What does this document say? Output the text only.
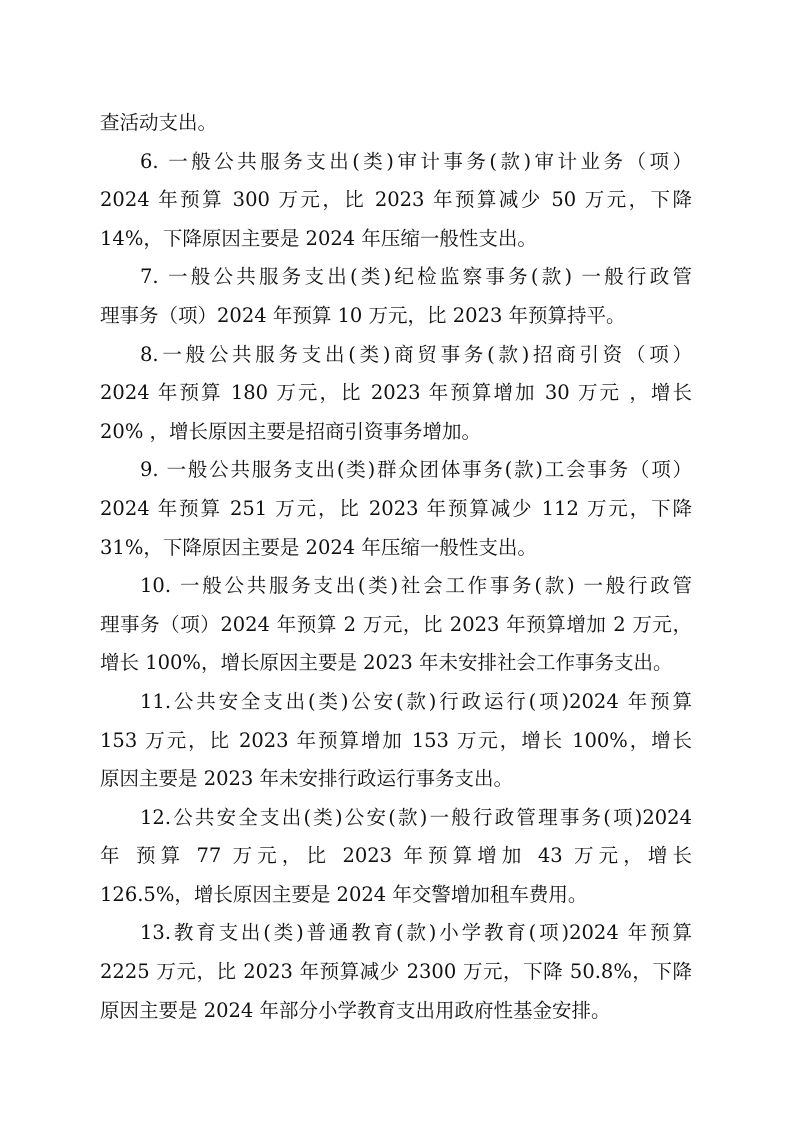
查活动支出。
6. 一般公共服务支出(类)审计事务(款)审计业务（项）
2024 年预算 300 万元，比 2023 年预算减少 50 万元，下降
14%，下降原因主要是 2024 年压缩一般性支出。
7. 一般公共服务支出(类)纪检监察事务(款) 一般行政管
理事务（项）2024 年预算 10 万元，比 2023 年预算持平。
8.一般公共服务支出(类)商贸事务(款)招商引资（项）
2024 年预算 180 万元，比 2023 年预算增加 30 万元 ，增长
20% ，增长原因主要是招商引资事务增加。
9. 一般公共服务支出(类)群众团体事务(款)工会事务（项）
2024 年预算 251 万元，比 2023 年预算减少 112 万元，下降
31%，下降原因主要是 2024 年压缩一般性支出。
10. 一般公共服务支出(类)社会工作事务(款) 一般行政管
理事务（项）2024 年预算 2 万元，比 2023 年预算增加 2 万元，
增长 100%，增长原因主要是 2023 年未安排社会工作事务支出。
11.公共安全支出(类)公安(款)行政运行(项)2024 年预算
153 万元，比 2023 年预算增加 153 万元，增长 100%，增长
原因主要是 2023 年未安排行政运行事务支出。
12.公共安全支出(类)公安(款)一般行政管理事务(项)2024
年 预算 77 万元，比 2023 年预算增加 43 万元，增长
126.5%，增长原因主要是 2024 年交警增加租车费用。
13.教育支出(类)普通教育(款)小学教育(项)2024 年预算
2225 万元，比 2023 年预算减少 2300 万元，下降 50.8%，下降
原因主要是 2024 年部分小学教育支出用政府性基金安排。
